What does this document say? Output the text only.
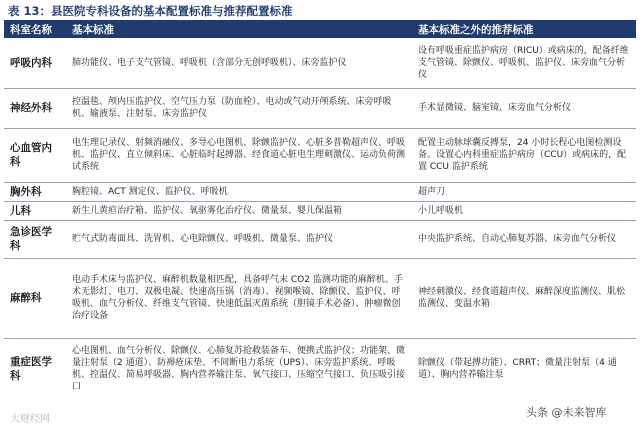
表 13：县医院专科设备的基本配置标准与推荐配置标准
科室名称	基本标准	基本标准之外的推荐标准
呼吸内科	肺功能仪、电子支气管镜、呼吸机（含部分无创呼吸机）、床旁监护仪	设有呼吸重症监护病房（RICU）或病床的，配备纤维支气管镜、除颤仪、呼吸机、监护仪、床旁血气分析仪
神经外科	控温毯、颅内压监护仪、空气压力泵（防血栓）、电动或气动开颅系统、床旁呼吸机、输液泵、注射泵、床旁监护仪	手术显微镜、脑室镜、床旁血气分析仪
心血管内科	电生理记录仪、射频消融仪、多导心电图机、除颤监护仪、心脏多普勒超声仪、呼吸机、监护仪、直立倾斜床、心脏临时起搏器、经食道心脏电生理刺激仪、运动负荷测试系统	配置主动脉球囊反搏泵，24 小时长程心电图检测设备。设置心内科重症监护病房（CCU）或病床的，配置 CCU 监护系统
胸外科	胸腔镜、ACT 测定仪、监护仪、呼吸机	超声刀
儿科	新生儿黄疸治疗箱、监护仪、氧驱雾化治疗仪、微量泵、婴儿保温箱	小儿呼吸机
急诊医学科	贮气式防毒面具、洗胃机、心电除颤仪、呼吸机、微量泵、监护仪	中央监护系统、自动心肺复苏器、床旁血气分析仪
麻醉科	电动手术床与监护仪、麻醉机数量相匹配，具备呼气末 CO2 监测功能的麻醉机、手术无影灯、电刀、双极电凝、快速高压锅（消毒）、视频喉镜、除颤仪、监护仪、呼吸机、血气分析仪、纤维支气管镜、快速低温灭菌系统（胆镜手术必备）、肿瘤微创治疗设备	神经刺激仪、经食道超声仪、麻醉深度监测仪、肌松监测仪、变温水箱
重症医学科	心电图机、血气分析仪、除颤仪、心肺复苏抢救装备车、便携式监护仪；功能架、微量注射泵（2 通道）、防褥疮床垫、不间断电力系统（UPS）、床旁监护系统、呼吸机、控温仪、简易呼吸器、胸内营养输注泵、氧气接口、压缩空气接口、负压吸引接口	除颤仪（带起搏功能）、CRRT；微量注射泵（4 通道）、胸内营养输注泵
大财经网
头条 @未来智库
